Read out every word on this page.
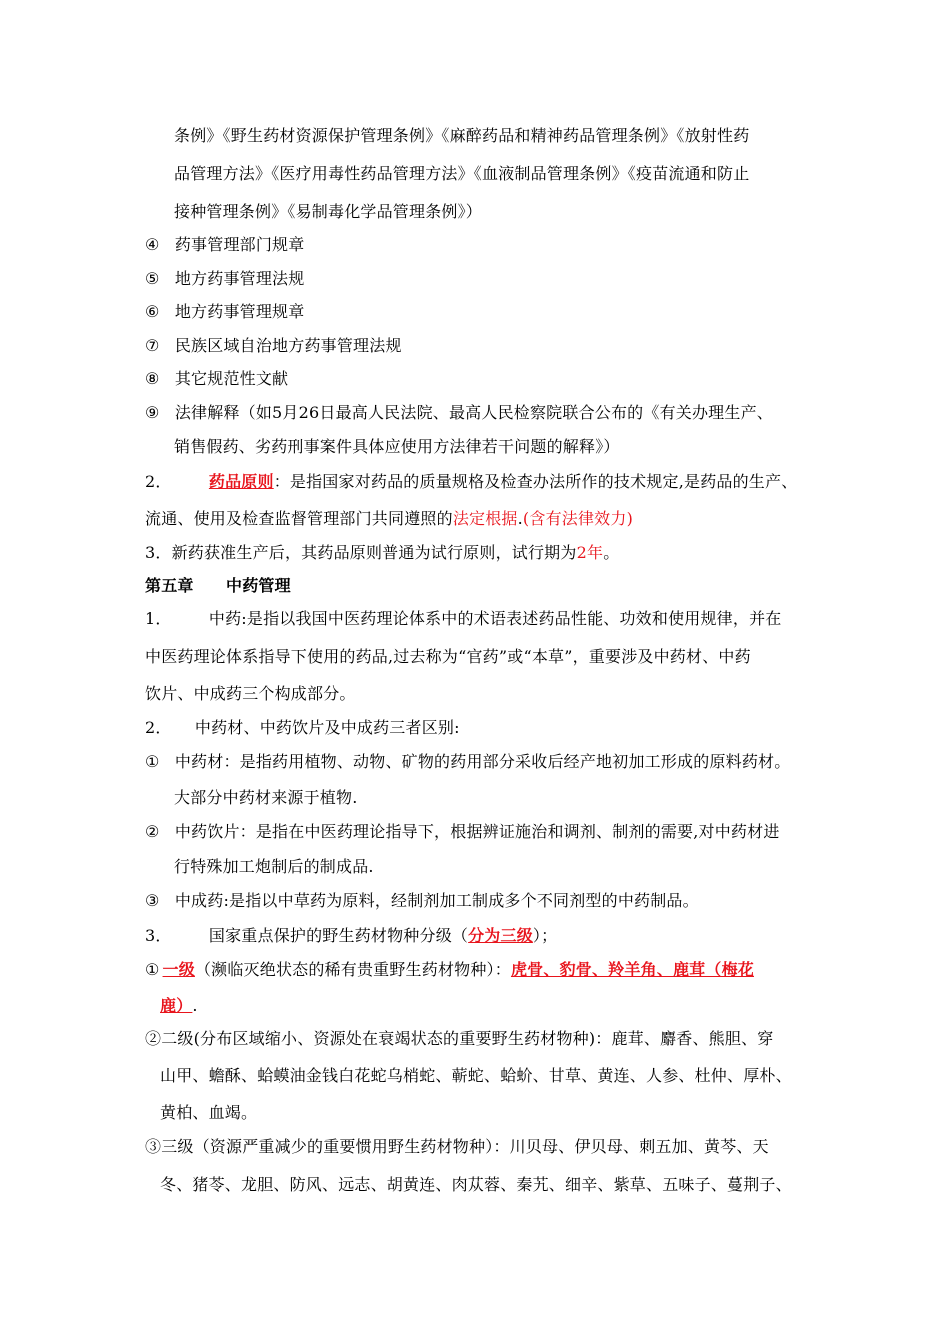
条例》《野生药材资源保护管理条例》《麻醉药品和精神药品管理条例》《放射性药
品管理方法》《医疗用毒性药品管理方法》《血液制品管理条例》《疫苗流通和防止
接种管理条例》《易制毒化学品管理条例》）
④ 药事管理部门规章
⑤ 地方药事管理法规
⑥ 地方药事管理规章
⑦ 民族区域自治地方药事管理法规
⑧ 其它规范性文献
⑨ 法律解释（如5月26日最高人民法院、最高人民检察院联合公布的《有关办理生产、
销售假药、劣药刑事案件具体应使用方法律若干问题的解释》）
2． 药品原则：是指国家对药品的质量规格及检查办法所作的技术规定,是药品的生产、
流通、使用及检查监督管理部门共同遵照的法定根据.(含有法律效力)
3．新药获准生产后，其药品原则普通为试行原则，试行期为2年。
第五章　　中药管理
1． 中药:是指以我国中医药理论体系中的术语表述药品性能、功效和使用规律，并在
中医药理论体系指导下使用的药品,过去称为“官药”或“本草”，重要涉及中药材、中药
饮片、中成药三个构成部分。
2． 中药材、中药饮片及中成药三者区别:
① 中药材：是指药用植物、动物、矿物的药用部分采收后经产地初加工形成的原料药材。
大部分中药材来源于植物.
② 中药饮片：是指在中医药理论指导下，根据辨证施治和调剂、制剂的需要,对中药材进
行特殊加工炮制后的制成品.
③ 中成药:是指以中草药为原料，经制剂加工制成多个不同剂型的中药制品。
3． 国家重点保护的野生药材物种分级（分为三级）；
① 一级（濒临灭绝状态的稀有贵重野生药材物种）：虎骨、豹骨、羚羊角、鹿茸（梅花
鹿）.
②二级(分布区域缩小、资源处在衰竭状态的重要野生药材物种)：鹿茸、麝香、熊胆、穿
山甲、蟾酥、蛤蟆油金钱白花蛇乌梢蛇、蕲蛇、蛤蚧、甘草、黄连、人参、杜仲、厚朴、
黄柏、血竭。
③三级（资源严重减少的重要惯用野生药材物种）：川贝母、伊贝母、刺五加、黄芩、天
冬、猪苓、龙胆、防风、远志、胡黄连、肉苁蓉、秦艽、细辛、紫草、五味子、蔓荆子、
